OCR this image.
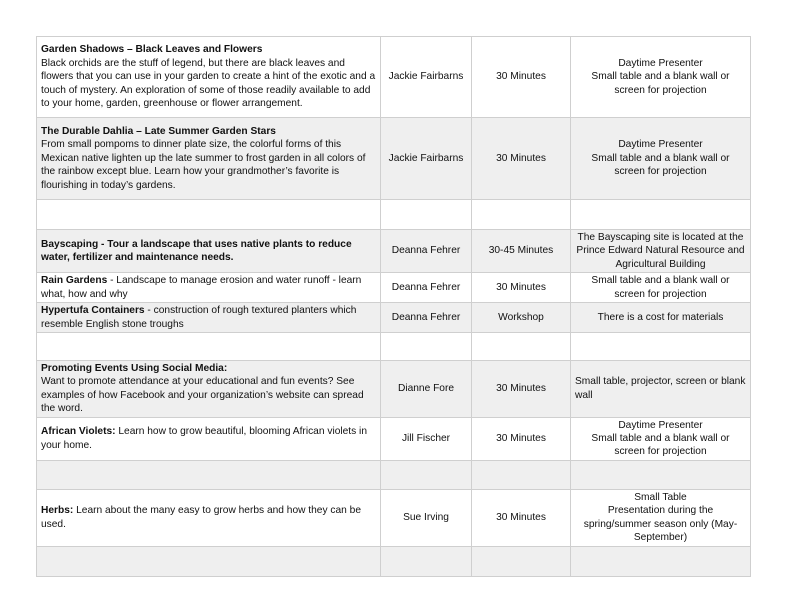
Garden Shadows – Black Leaves and Flowers
Black orchids are the stuff of legend, but there are black leaves and flowers that you can use in your garden to create a hint of the exotic and a touch of mystery. An exploration of some of those readily available to add to your home, garden, greenhouse or flower arrangement.	Jackie Fairbarns	30 Minutes	Daytime Presenter
Small table and a blank wall or screen for projection

The Durable Dahlia – Late Summer Garden Stars
From small pompoms to dinner plate size, the colorful forms of this Mexican native lighten up the late summer to frost garden in all colors of the rainbow except blue. Learn how your grandmother’s favorite is flourishing in today’s gardens.	Jackie Fairbarns	30 Minutes	Daytime Presenter
Small table and a blank wall or screen for projection

Bayscaping - Tour a landscape that uses native plants to reduce water, fertilizer and maintenance needs.	Deanna Fehrer	30-45 Minutes	The Bayscaping site is located at the Prince Edward Natural Resource and Agricultural Building

Rain Gardens - Landscape to manage erosion and water runoff - learn what, how and why	Deanna Fehrer	30 Minutes	Small table and a blank wall or screen for projection

Hypertufa Containers - construction of rough textured planters which resemble English stone troughs	Deanna Fehrer	Workshop	There is a cost for materials

Promoting Events Using Social Media:
Want to promote attendance at your educational and fun events? See examples of how Facebook and your organization’s website can spread the word.	Dianne Fore	30 Minutes	Small table, projector, screen or blank wall

African Violets: Learn how to grow beautiful, blooming African violets in your home.	Jill Fischer	30 Minutes	Daytime Presenter
Small table and a blank wall or screen for projection

Herbs: Learn about the many easy to grow herbs and how they can be used.	Sue Irving	30 Minutes	Small Table
Presentation during the spring/summer season only (May-September)
